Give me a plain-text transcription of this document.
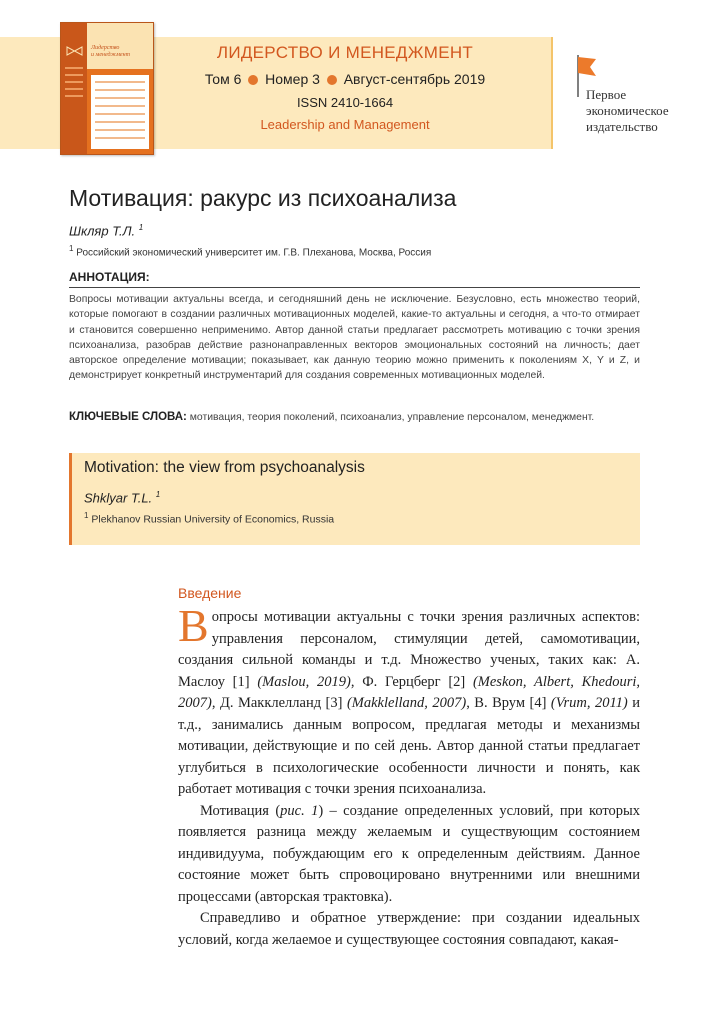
Лидерство
и менеджмент	ЛИДЕРСТВО И МЕНЕДЖМЕНТ
Том 6 Номер 3 Август-сентябрь 2019
ISSN 2410-1664
Leadership and Management
Первое
экономическое
издательство
Мотивация: ракурс из психоанализа
Шкляр Т.Л. $^1$
$^1$ Российский экономический университет им. Г.В. Плеханова, Москва, Россия
АННОТАЦИЯ:
Вопросы мотивации актуальны всегда, и сегодняшний день не исключение. Безусловно, есть множество теорий, которые помогают в создании различных мотивационных моделей, какие-то актуальны и сегодня, а что-то отмирает и становится совершенно неприменимо. Автор данной статьи предлагает рассмотреть мотивацию с точки зрения психоанализа, разобрав действие разнонаправленных векторов эмоциональных состояний на личность; дает авторское определение мотивации; показывает, как данную теорию можно применить к поколениям X, Y и Z, и демонстрирует конкретный инструментарий для создания современных мотивационных моделей.
КЛЮЧЕВЫЕ СЛОВА: мотивация, теория поколений, психоанализ, управление персоналом, менеджмент.
Motivation: the view from psychoanalysis
Shklyar T.L. $^1$
$^1$ Plekhanov Russian University of Economics, Russia
Введение

Вопросы мотивации актуальны с точки зрения различных аспектов: управления персоналом, стимуляции детей, самомотивации, создания сильной команды и т.д. Множество ученых, таких как: А. Маслоу [1] (Maslou, 2019), Ф. Герцберг [2] (Meskon, Albert, Khedouri, 2007), Д. Макклелланд [3] (Makklelland, 2007), В. Врум [4] (Vrum, 2011) и т.д., занимались данным вопросом, предлагая методы и механизмы мотивации, действующие и по сей день. Автор данной статьи предлагает углубиться в психологические особенности личности и понять, как работает мотивация с точки зрения психоанализа.

Мотивация (рис. 1) – создание определенных условий, при которых появляется разница между желаемым и существующим состоянием индивидуума, побуждающим его к определенным действиям. Данное состояние может быть спровоцировано внутренними или внешними процессами (авторская трактовка).

Справедливо и обратное утверждение: при создании идеальных условий, когда желаемое и существующее состояния совпадают, какая-
